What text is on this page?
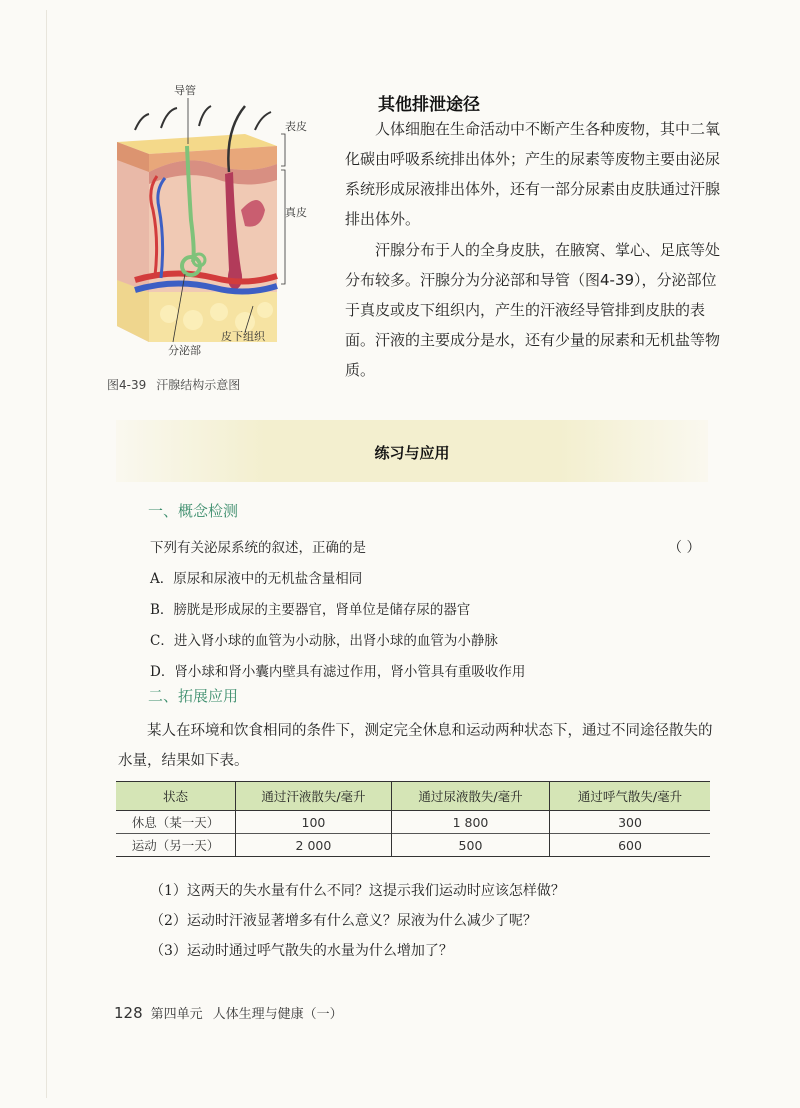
导管
表皮
真皮
皮下组织
分泌部
图4-39 汗腺结构示意图
其他排泄途径
人体细胞在生命活动中不断产生各种废物，其中二氧化碳由呼吸系统排出体外；产生的尿素等废物主要由泌尿系统形成尿液排出体外，还有一部分尿素由皮肤通过汗腺排出体外。
汗腺分布于人的全身皮肤，在腋窝、掌心、足底等处分布较多。汗腺分为分泌部和导管（图4-39），分泌部位于真皮或皮下组织内，产生的汗液经导管排到皮肤的表面。汗液的主要成分是水，还有少量的尿素和无机盐等物质。
练习与应用
一、概念检测
下列有关泌尿系统的叙述，正确的是	（ ）
A．原尿和尿液中的无机盐含量相同
B．膀胱是形成尿的主要器官，肾单位是储存尿的器官
C．进入肾小球的血管为小动脉，出肾小球的血管为小静脉
D．肾小球和肾小囊内壁具有滤过作用，肾小管具有重吸收作用
二、拓展应用
某人在环境和饮食相同的条件下，测定完全休息和运动两种状态下，通过不同途径散失的水量，结果如下表。
状态	通过汗液散失/毫升	通过尿液散失/毫升	通过呼气散失/毫升
休息（某一天）	100	1 800	300
运动（另一天）	2 000	500	600
（1）这两天的失水量有什么不同？这提示我们运动时应该怎样做？
（2）运动时汗液显著增多有什么意义？尿液为什么减少了呢？
（3）运动时通过呼气散失的水量为什么增加了？
128 第四单元 人体生理与健康（一）
